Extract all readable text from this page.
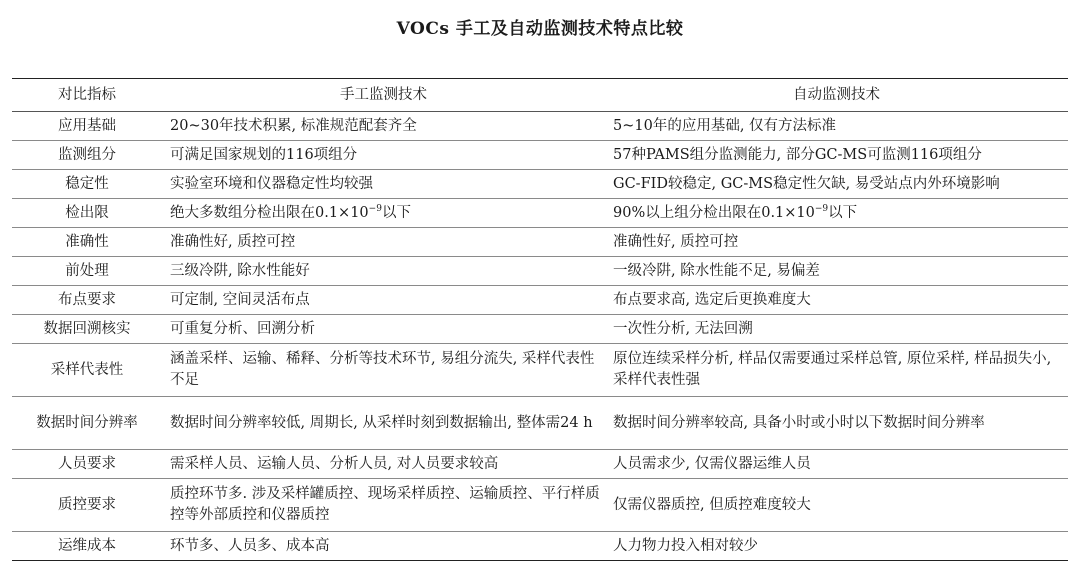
VOCs 手工及自动监测技术特点比较
对比指标	手工监测技术	自动监测技术
应用基础	20~30年技术积累, 标准规范配套齐全	5~10年的应用基础, 仅有方法标准
监测组分	可满足国家规划的116项组分	57种PAMS组分监测能力, 部分GC-MS可监测116项组分
稳定性	实验室环境和仪器稳定性均较强	GC-FID较稳定, GC-MS稳定性欠缺, 易受站点内外环境影响
检出限	绝大多数组分检出限在$0.1\times 10^{-9}$以下	90%以上组分检出限在$0.1\times 10^{-9}$以下
准确性	准确性好, 质控可控	准确性好, 质控可控
前处理	三级冷阱, 除水性能好	一级冷阱, 除水性能不足, 易偏差
布点要求	可定制, 空间灵活布点	布点要求高, 选定后更换难度大
数据回溯核实	可重复分析、回溯分析	一次性分析, 无法回溯
采样代表性	涵盖采样、运输、稀释、分析等技术环节, 易组分流失, 采样代表性不足	原位连续采样分析, 样品仅需要通过采样总管, 原位采样, 样品损失小, 采样代表性强
数据时间分辨率	数据时间分辨率较低, 周期长, 从采样时刻到数据输出, 整体需24 h	数据时间分辨率较高, 具备小时或小时以下数据时间分辨率
人员要求	需采样人员、运输人员、分析人员, 对人员要求较高	人员需求少, 仅需仪器运维人员
质控要求	质控环节多. 涉及采样罐质控、现场采样质控、运输质控、平行样质控等外部质控和仪器质控	仅需仪器质控, 但质控难度较大
运维成本	环节多、人员多、成本高	人力物力投入相对较少
